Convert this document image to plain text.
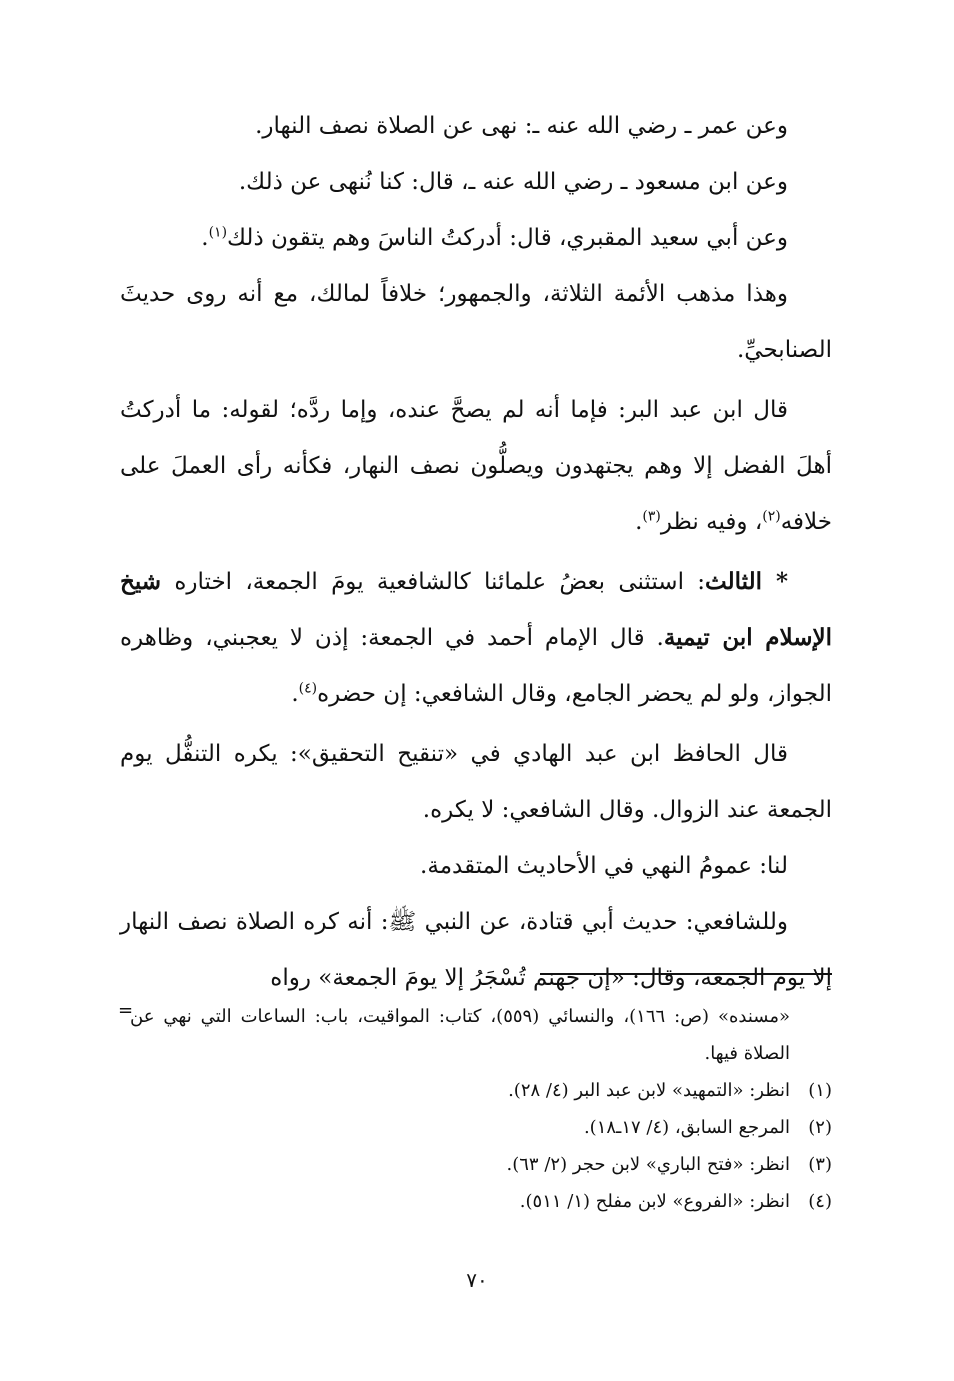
وعن عمر ـ رضي الله عنه ـ: نهى عن الصلاة نصف النهار.

وعن ابن مسعود ـ رضي الله عنه ـ، قال: كنا نُنهى عن ذلك.

وعن أبي سعيد المقبري، قال: أدركتُ الناسَ وهم يتقون ذلك$^{(١)}$.

وهذا مذهب الأئمة الثلاثة، والجمهور؛ خلافاً لمالك، مع أنه روى حديثَ الصنابحيِّ.

قال ابن عبد البر: فإما أنه لم يصحَّ عنده، وإما ردَّه؛ لقوله: ما أدركتُ أهلَ الفضل إلا وهم يجتهدون ويصلُّون نصف النهار، فكأنه رأى العملَ على خلافه$^{(٢)}$، وفيه نظر$^{(٣)}$.

* الثالث: استثنى بعضُ علمائنا كالشافعية يومَ الجمعة، اختاره شيخ الإسلام ابن تيمية. قال الإمام أحمد في الجمعة: إذن لا يعجبني، وظاهره الجواز، ولو لم يحضر الجامع، وقال الشافعي: إن حضره$^{(٤)}$.

قال الحافظ ابن عبد الهادي في «تنقيح التحقيق»: يكره التنفُّل يوم الجمعة عند الزوال. وقال الشافعي: لا يكره.

لنا: عمومُ النهي في الأحاديث المتقدمة.

وللشافعي: حديث أبي قتادة، عن النبي ﷺ: أنه كره الصلاة نصف النهار إلا يوم الجمعة، وقال: «إن جهنم تُسْجَرُ إلا يومَ الجمعة» رواه

=
«مسنده» (ص: ١٦٦)، والنسائي (٥٥٩)، كتاب: المواقيت، باب: الساعات التي نهي عن الصلاة فيها.
(١)
انظر: «التمهيد» لابن عبد البر (٤/ ٢٨).
(٢)
المرجع السابق، (٤/ ١٧ـ١٨).
(٣)
انظر: «فتح الباري» لابن حجر (٢/ ٦٣).
(٤)
انظر: «الفروع» لابن مفلح (١/ ٥١١).
٧٠
